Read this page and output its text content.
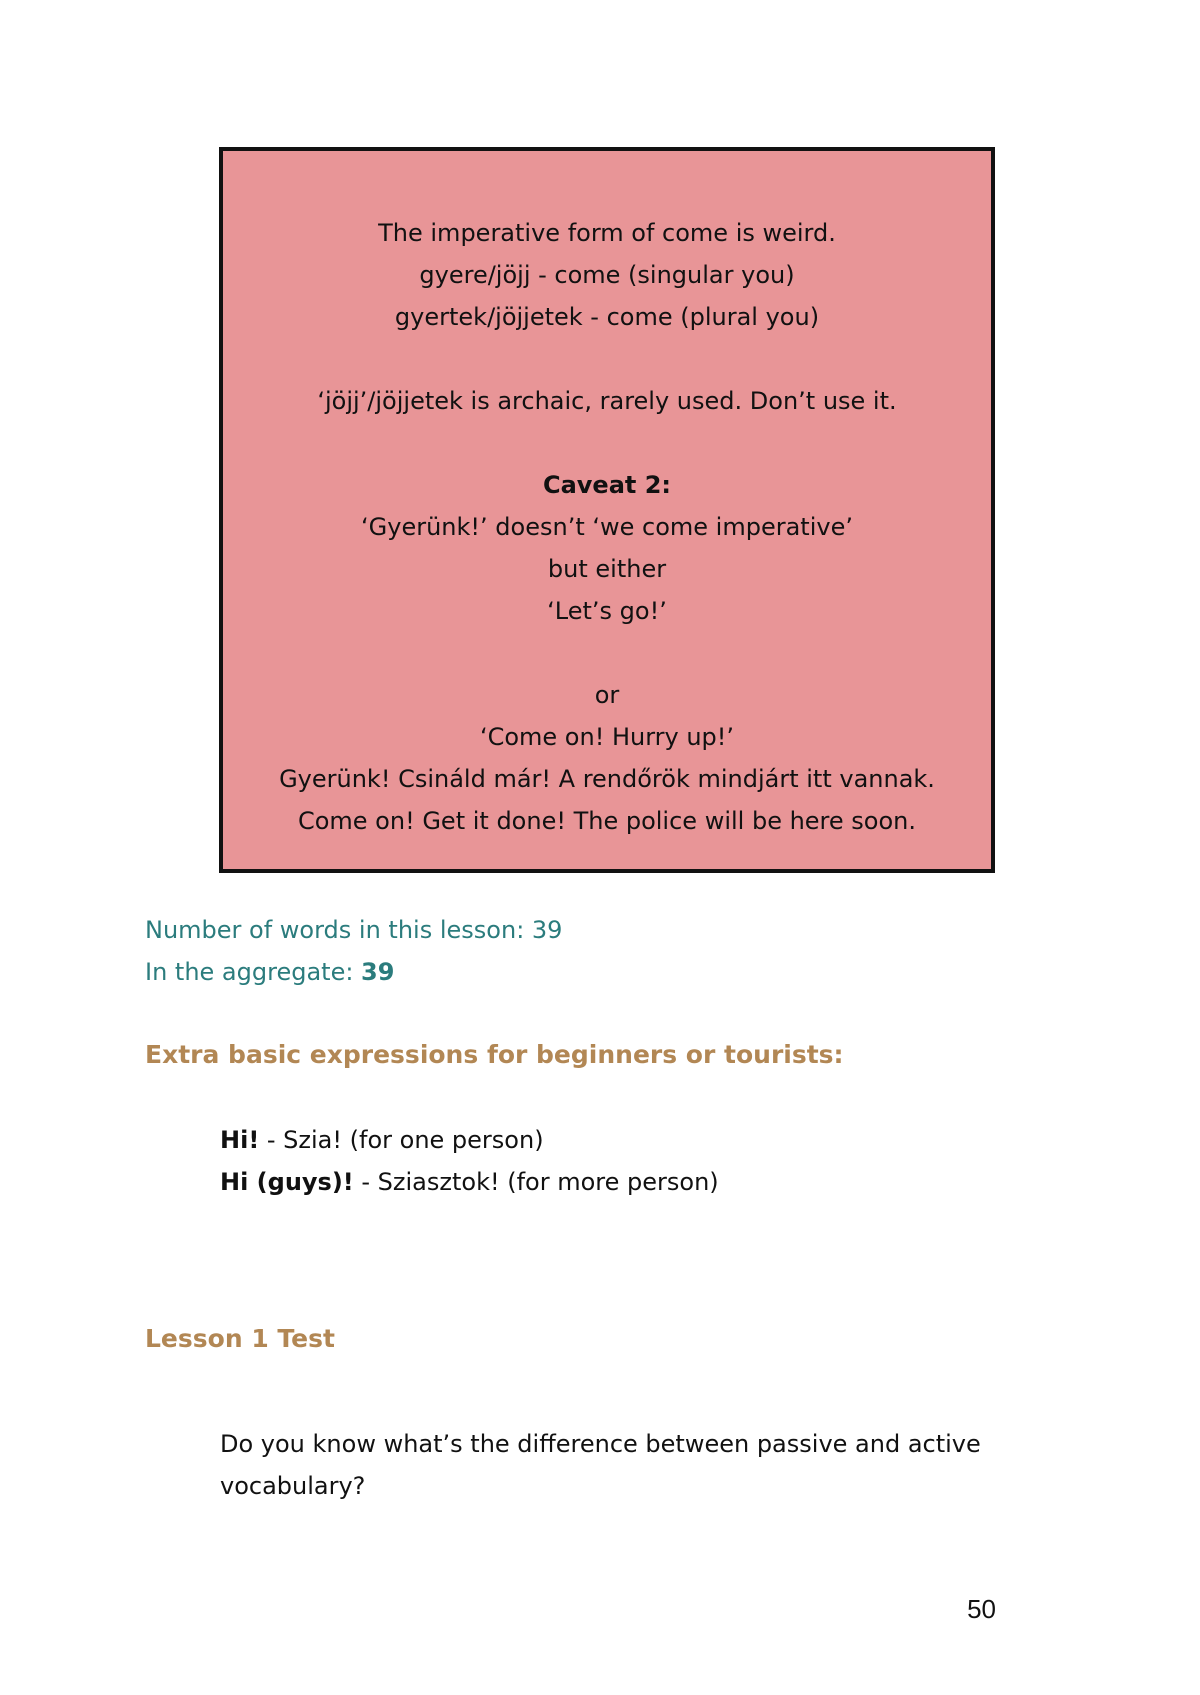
The imperative form of come is weird.
gyere/jöjj - come (singular you)
gyertek/jöjjetek - come (plural you)
‘jöjj’/jöjjetek is archaic, rarely used. Don’t use it.
Caveat 2:
‘Gyerünk!’ doesn’t ‘we come imperative’
but either
‘Let’s go!’
or
‘Come on! Hurry up!’
Gyerünk! Csináld már! A rendőrök mindjárt itt vannak.
Come on! Get it done! The police will be here soon.
Number of words in this lesson: 39
In the aggregate: 39
Extra basic expressions for beginners or tourists:
Hi! - Szia! (for one person)
Hi (guys)! - Sziasztok! (for more person)
Lesson 1 Test
Do you know what’s the difference between passive and active vocabulary?
50
